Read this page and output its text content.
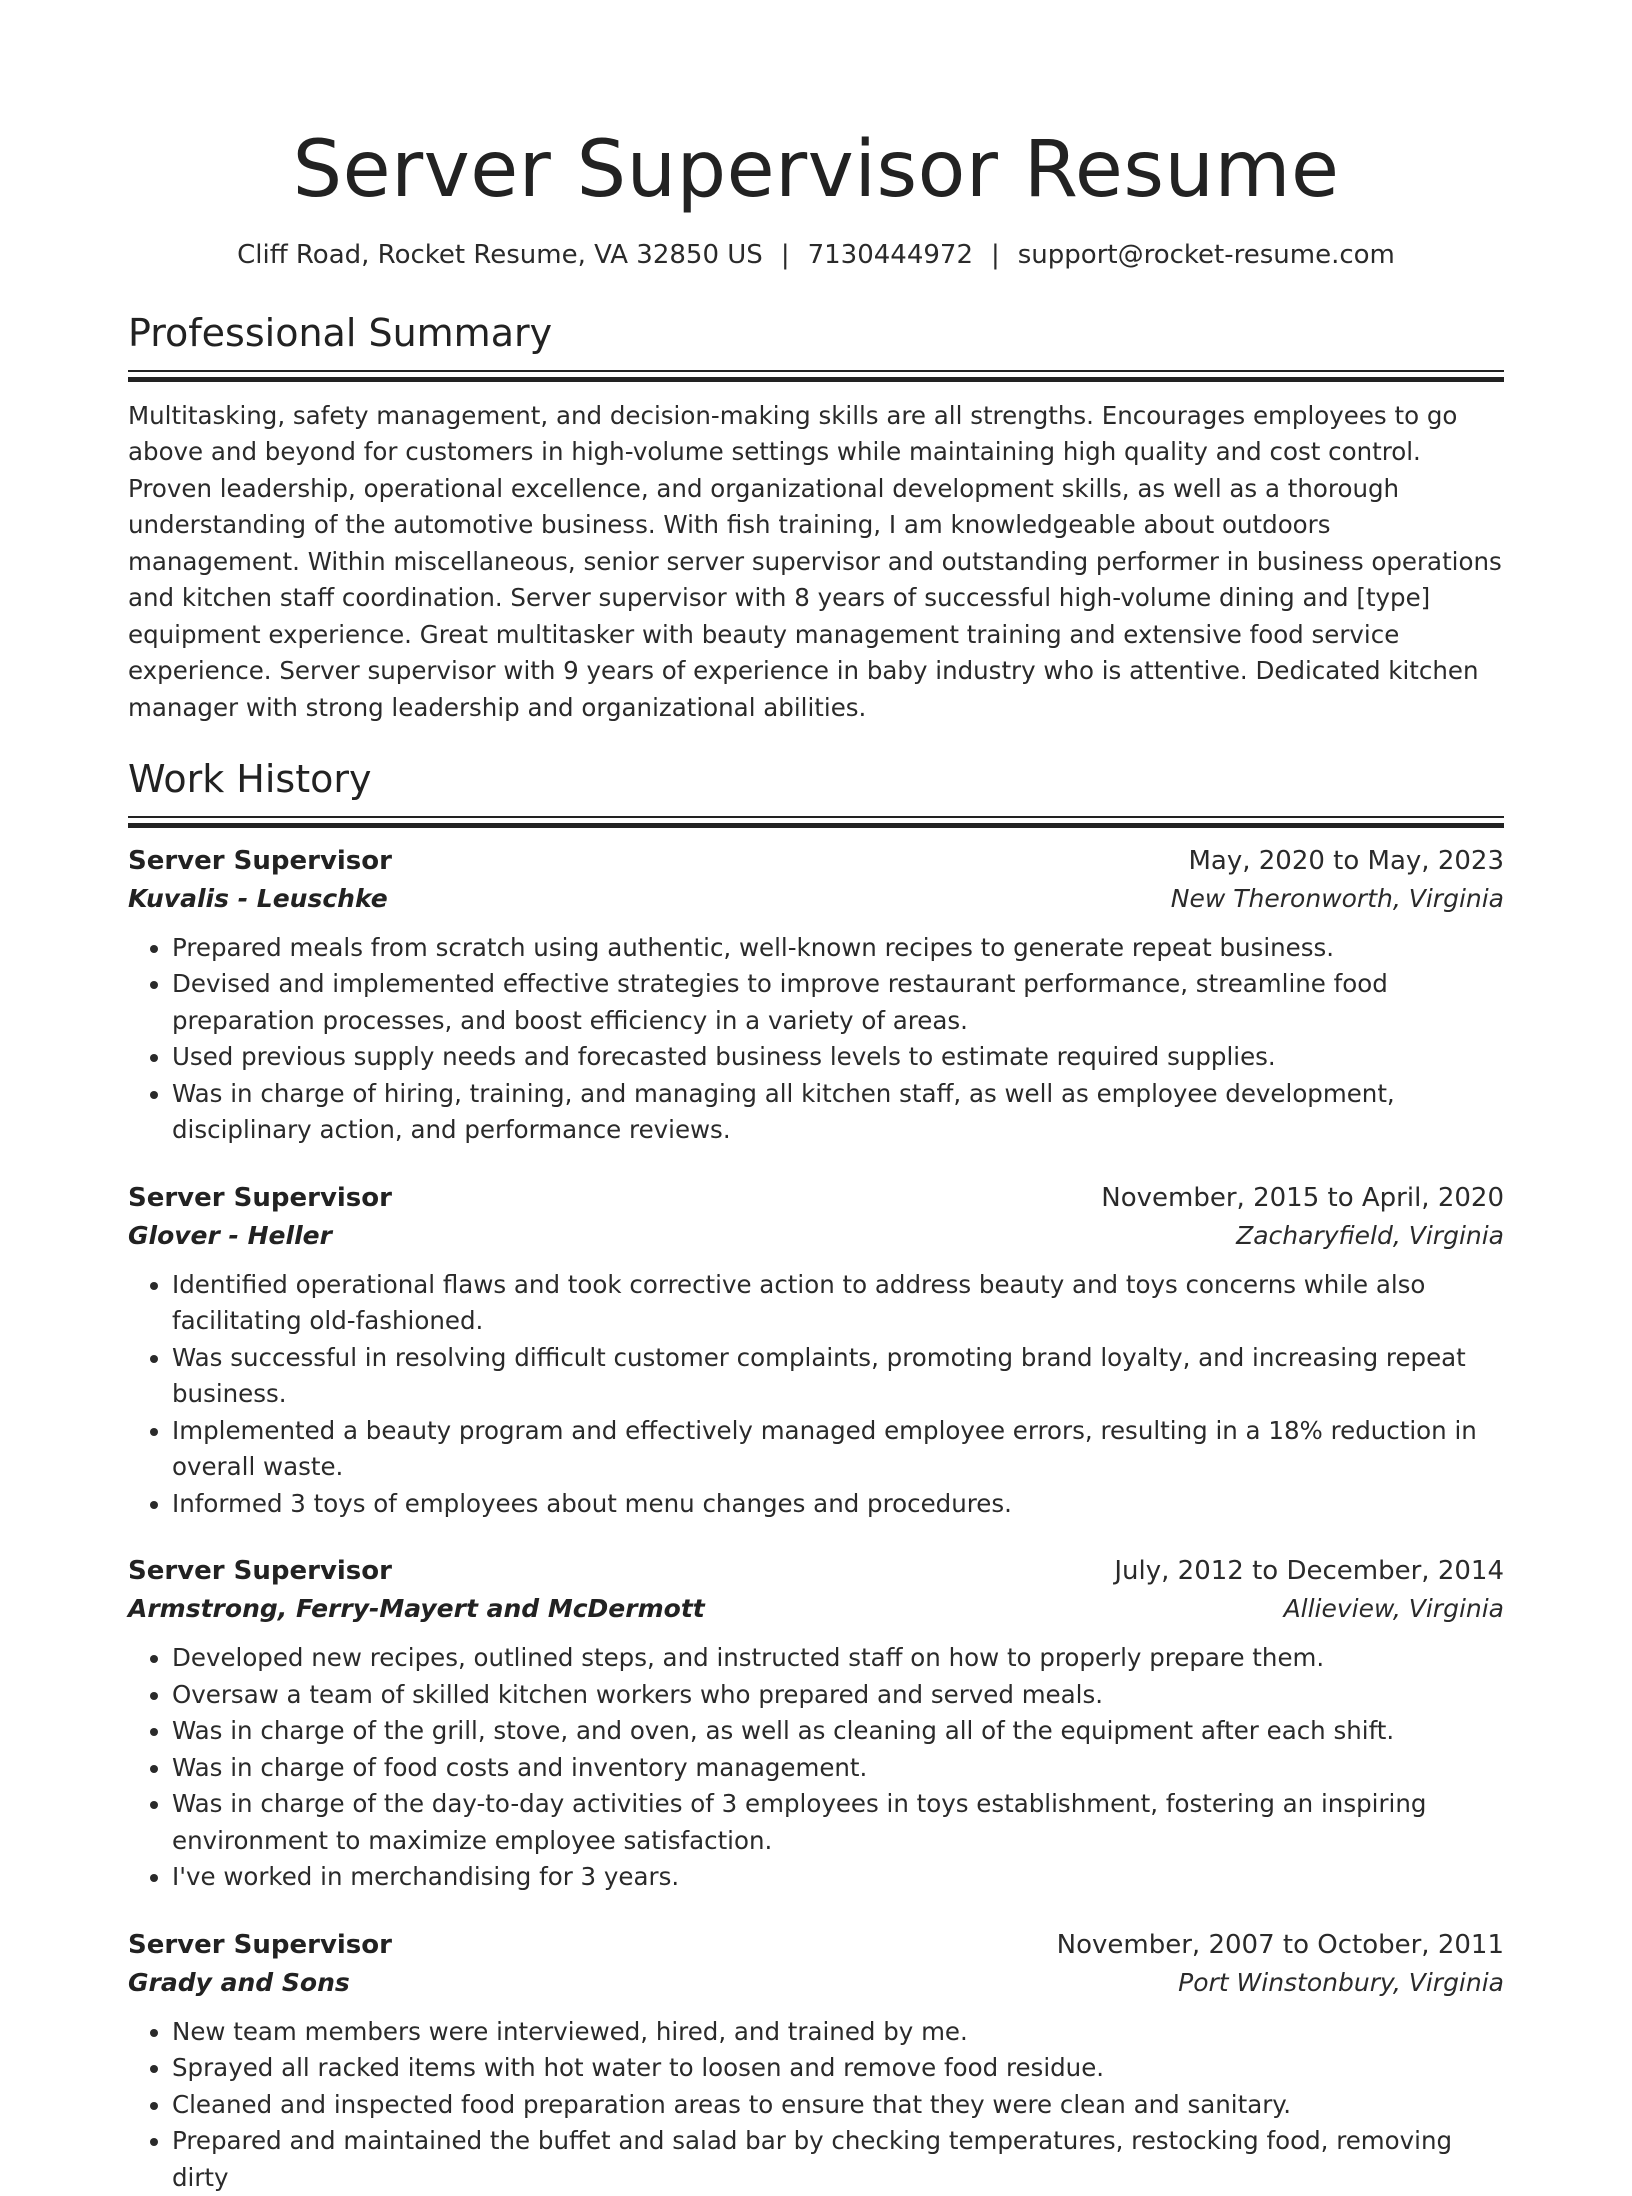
Server Supervisor Resume
Cliff Road, Rocket Resume, VA 32850 US | 7130444972 | support@rocket-resume.com
Professional Summary

Multitasking, safety management, and decision-making skills are all strengths. Encourages employees to go above and beyond for customers in high-volume settings while maintaining high quality and cost control. Proven leadership, operational excellence, and organizational development skills, as well as a thorough understanding of the automotive business. With fish training, I am knowledgeable about outdoors management. Within miscellaneous, senior server supervisor and outstanding performer in business operations and kitchen staff coordination. Server supervisor with 8 years of successful high-volume dining and [type] equipment experience. Great multitasker with beauty management training and extensive food service experience. Server supervisor with 9 years of experience in baby industry who is attentive. Dedicated kitchen manager with strong leadership and organizational abilities.

Work History
Server Supervisor	May, 2020 to May, 2023
Kuvalis - Leuschke	New Theronworth, Virginia
• Prepared meals from scratch using authentic, well-known recipes to generate repeat business.
• Devised and implemented effective strategies to improve restaurant performance, streamline food preparation processes, and boost efficiency in a variety of areas.
• Used previous supply needs and forecasted business levels to estimate required supplies.
• Was in charge of hiring, training, and managing all kitchen staff, as well as employee development, disciplinary action, and performance reviews.
Server Supervisor	November, 2015 to April, 2020
Glover - Heller	Zacharyfield, Virginia
• Identified operational flaws and took corrective action to address beauty and toys concerns while also facilitating old-fashioned.
• Was successful in resolving difficult customer complaints, promoting brand loyalty, and increasing repeat business.
• Implemented a beauty program and effectively managed employee errors, resulting in a 18% reduction in overall waste.
• Informed 3 toys of employees about menu changes and procedures.
Server Supervisor	July, 2012 to December, 2014
Armstrong, Ferry-Mayert and McDermott	Allieview, Virginia
• Developed new recipes, outlined steps, and instructed staff on how to properly prepare them.
• Oversaw a team of skilled kitchen workers who prepared and served meals.
• Was in charge of the grill, stove, and oven, as well as cleaning all of the equipment after each shift.
• Was in charge of food costs and inventory management.
• Was in charge of the day-to-day activities of 3 employees in toys establishment, fostering an inspiring environment to maximize employee satisfaction.
• I've worked in merchandising for 3 years.
Server Supervisor	November, 2007 to October, 2011
Grady and Sons	Port Winstonbury, Virginia
• New team members were interviewed, hired, and trained by me.
• Sprayed all racked items with hot water to loosen and remove food residue.
• Cleaned and inspected food preparation areas to ensure that they were clean and sanitary.
• Prepared and maintained the buffet and salad bar by checking temperatures, restocking food, removing dirty
